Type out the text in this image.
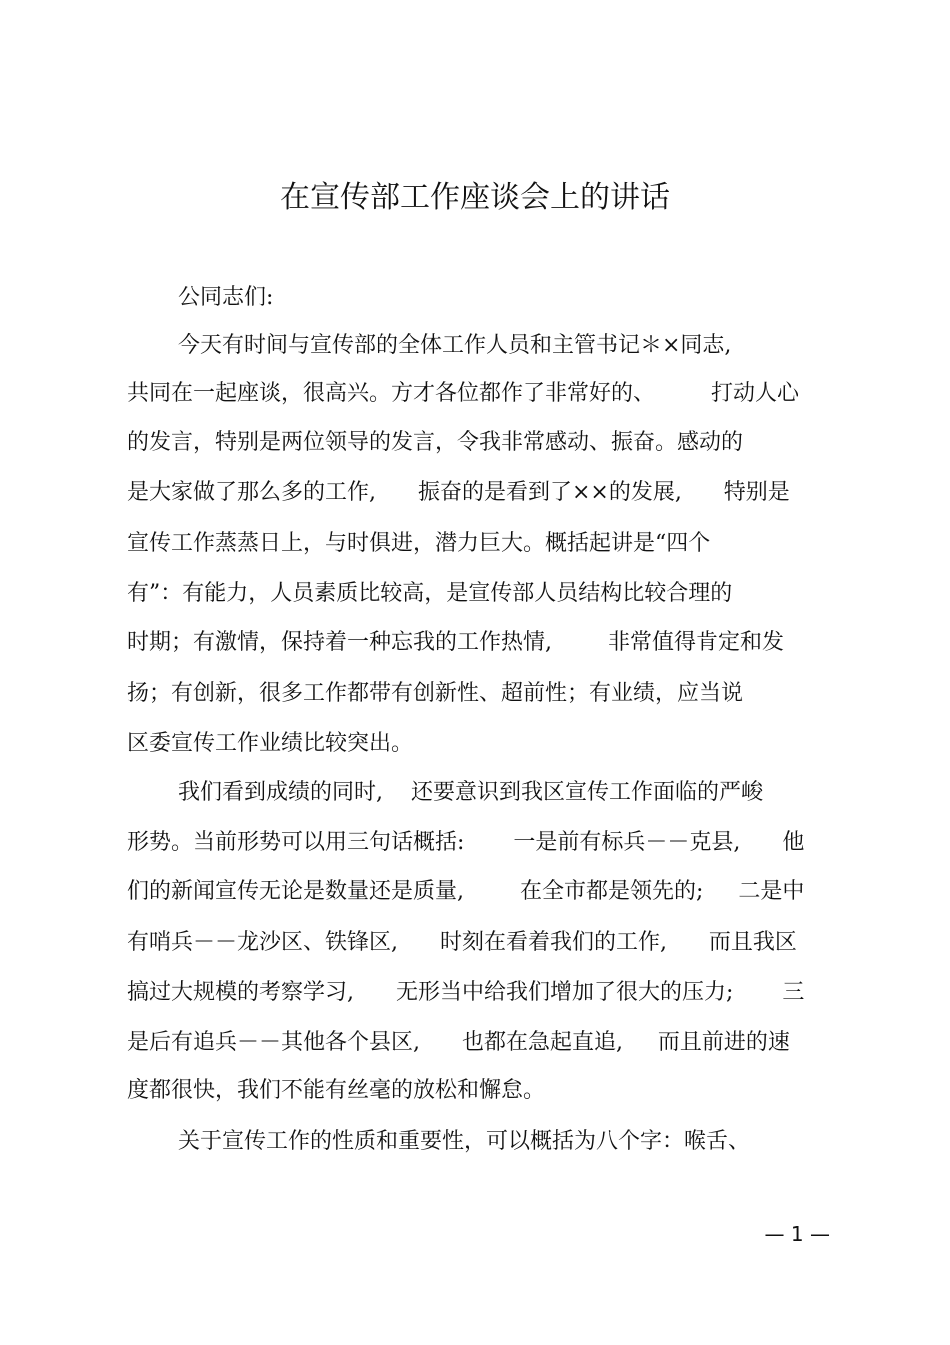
在宣传部工作座谈会上的讲话
公同志们:
今天有时间与宣传部的全体工作人员和主管书记＊×同志,
共同在一起座谈，很高兴。方才各位都作了非常好的、        打动人心
的发言，特别是两位领导的发言，令我非常感动、振奋。感动的
是大家做了那么多的工作,      振奋的是看到了××的发展,      特别是
宣传工作蒸蒸日上，与时俱进，潜力巨大。概括起讲是“四个
有”：有能力，人员素质比较高，是宣传部人员结构比较合理的
时期；有激情，保持着一种忘我的工作热情,        非常值得肯定和发
扬；有创新，很多工作都带有创新性、超前性；有业绩，应当说
区委宣传工作业绩比较突出。
我们看到成绩的同时,    还要意识到我区宣传工作面临的严峻
形势。当前形势可以用三句话概括:       一是前有标兵－－克县,      他
们的新闻宣传无论是数量还是质量,        在全市都是领先的;     二是中
有哨兵－－龙沙区、铁锋区,      时刻在看着我们的工作,      而且我区
搞过大规模的考察学习,      无形当中给我们增加了很大的压力;       三
是后有追兵－－其他各个县区,      也都在急起直追,     而且前进的速
度都很快，我们不能有丝毫的放松和懈怠。
关于宣传工作的性质和重要性，可以概括为八个字：喉舌、
— 1 —
